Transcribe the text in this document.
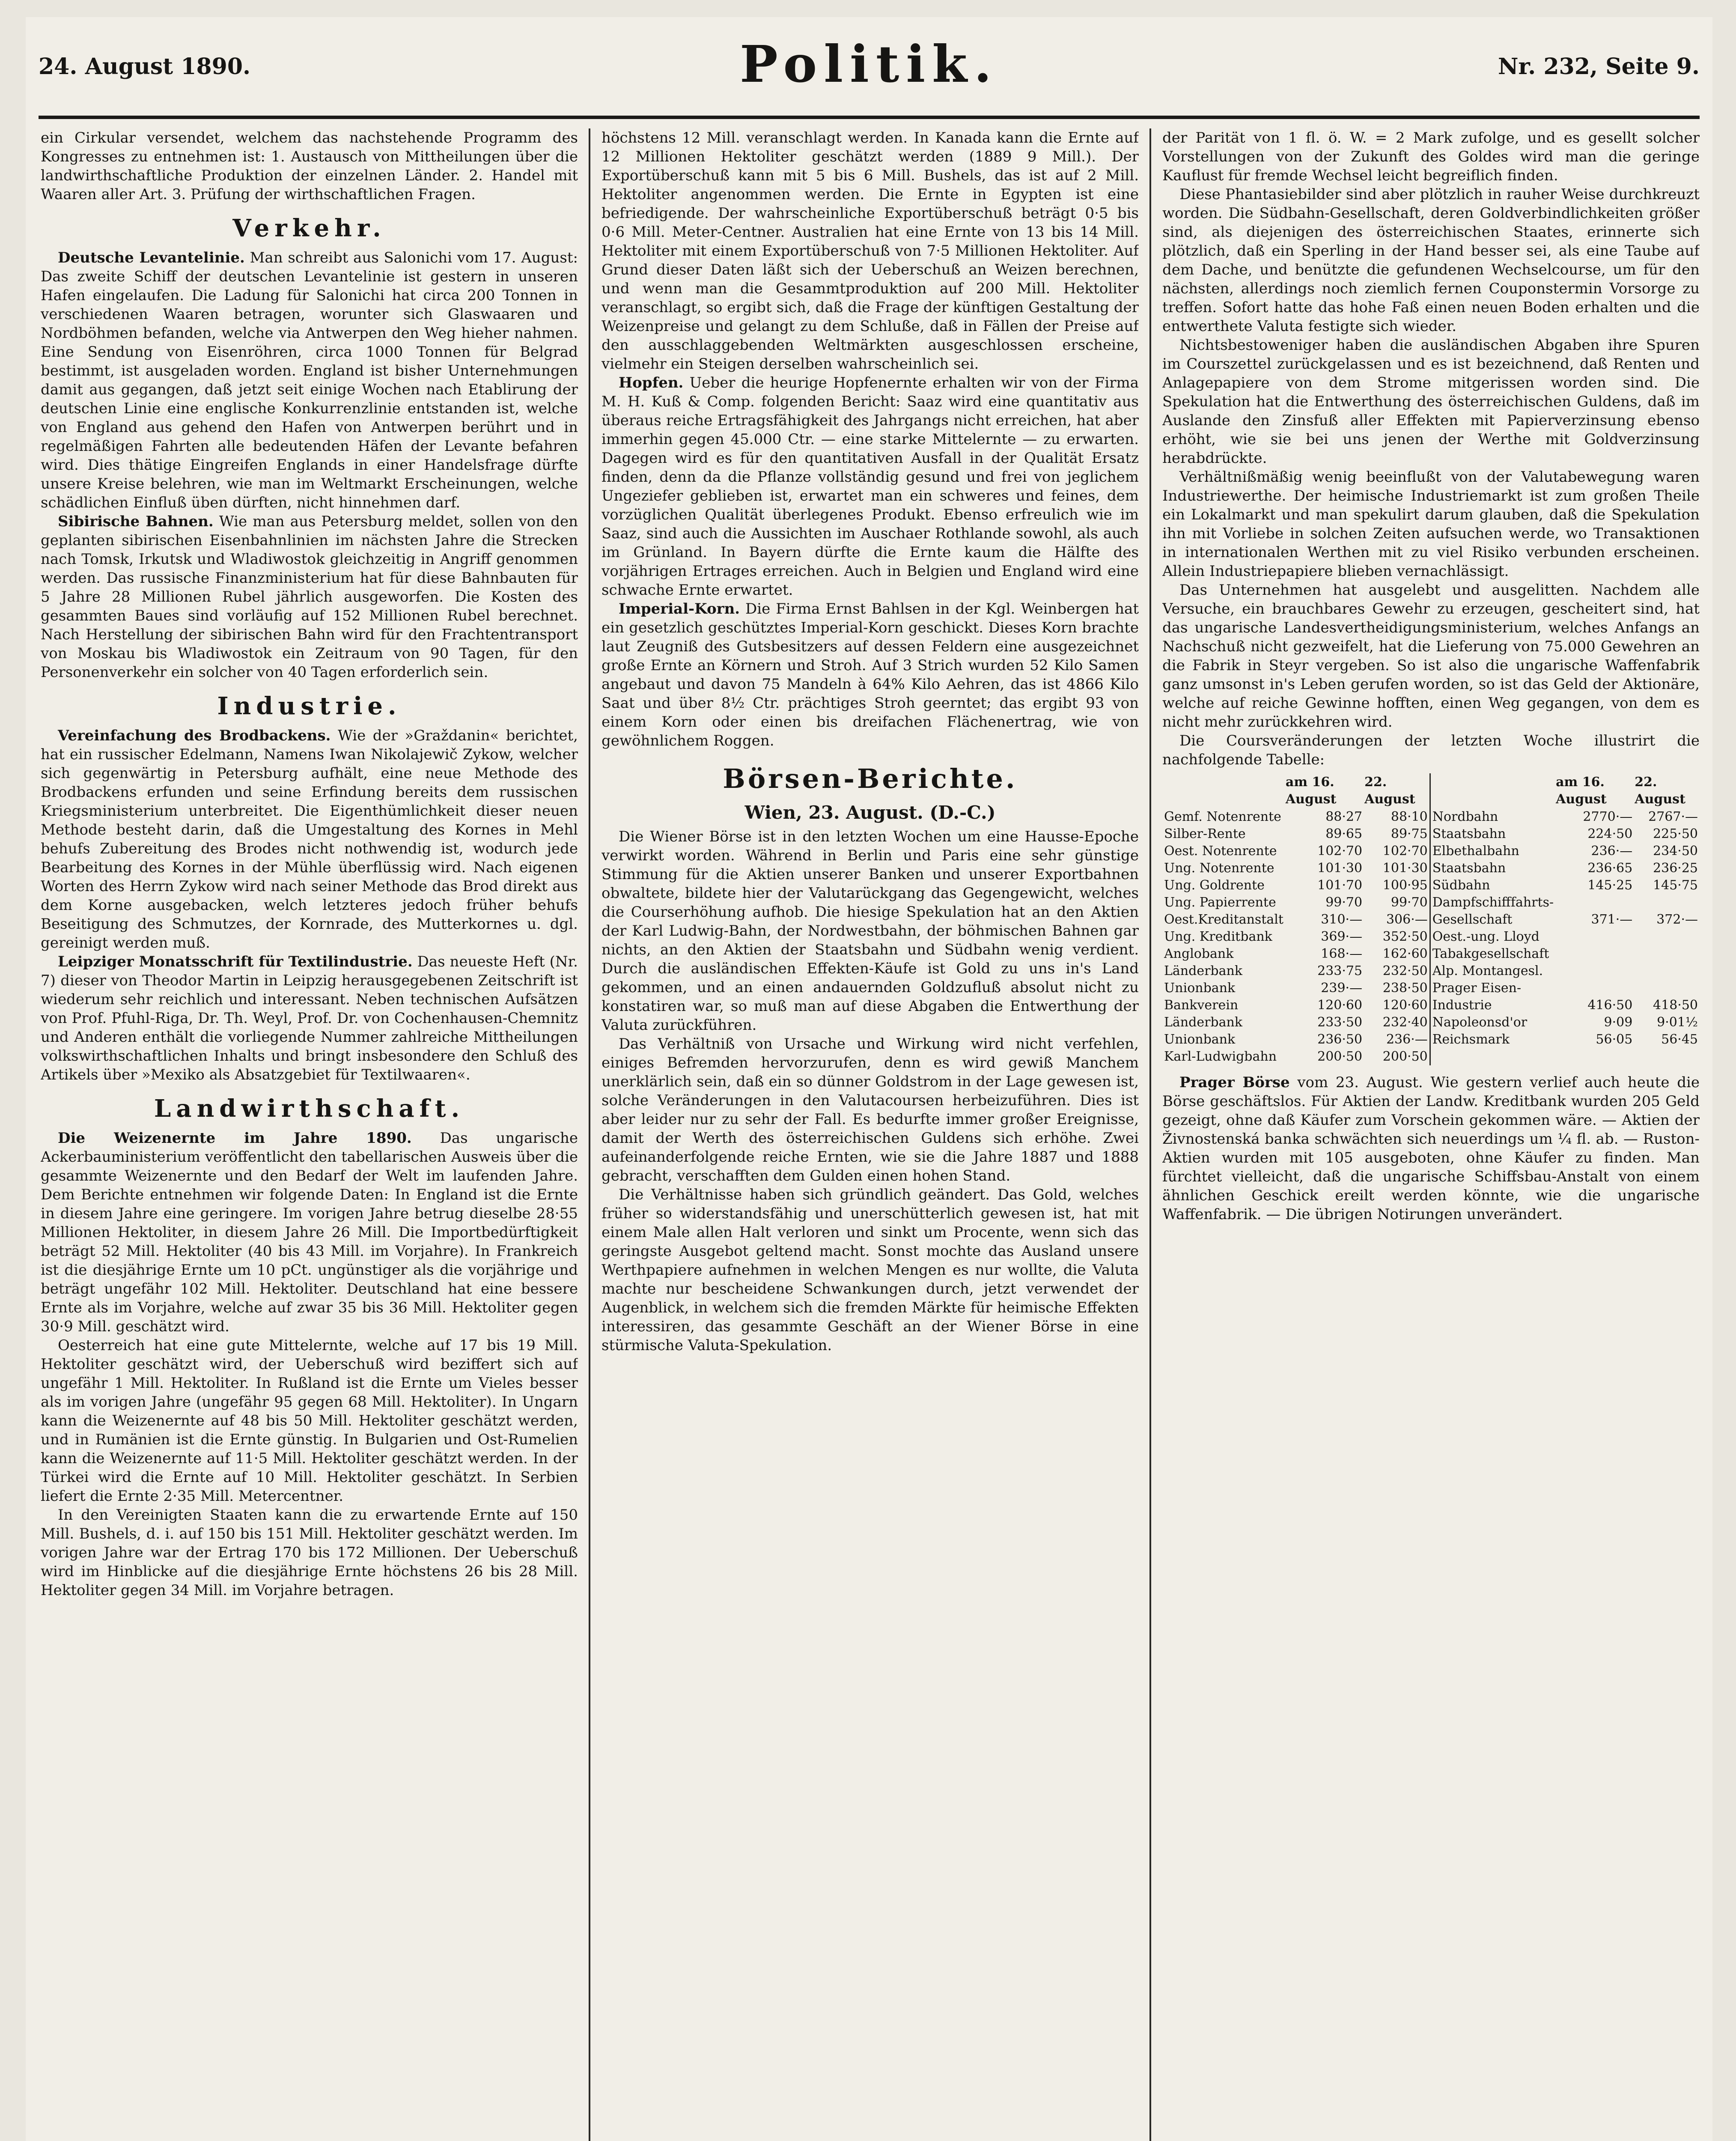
24. August 1890.	Politik.	Nr. 232, Seite 9.

ein Cirkular versendet, welchem das nachstehende Programm des Kongresses zu entnehmen ist: 1. Austausch von Mittheilungen über die landwirthschaftliche Produktion der einzelnen Länder. 2. Handel mit Waaren aller Art. 3. Prüfung der wirthschaftlichen Fragen.

Verkehr.

Deutsche Levantelinie. Man schreibt aus Salonichi vom 17. August: Das zweite Schiff der deutschen Levantelinie ist gestern in unseren Hafen eingelaufen. Die Ladung für Salonichi hat circa 200 Tonnen in verschiedenen Waaren betragen, worunter sich Glaswaaren und Nordböhmen befanden, welche via Antwerpen den Weg hieher nahmen. Eine Sendung von Eisenröhren, circa 1000 Tonnen für Belgrad bestimmt, ist ausgeladen worden. England ist bisher Unternehmungen damit aus gegangen, daß jetzt seit einige Wochen nach Etablirung der deutschen Linie eine englische Konkurrenzlinie entstanden ist, welche von England aus gehend den Hafen von Antwerpen berührt und in regelmäßigen Fahrten alle bedeutenden Häfen der Levante befahren wird. Dies thätige Eingreifen Englands in einer Handelsfrage dürfte unsere Kreise belehren, wie man im Weltmarkt Erscheinungen, welche schädlichen Einfluß üben dürften, nicht hinnehmen darf.

Sibirische Bahnen. Wie man aus Petersburg meldet, sollen von den geplanten sibirischen Eisenbahnlinien im nächsten Jahre die Strecken nach Tomsk, Irkutsk und Wladiwostok gleichzeitig in Angriff genommen werden. Das russische Finanzministerium hat für diese Bahnbauten für 5 Jahre 28 Millionen Rubel jährlich ausgeworfen. Die Kosten des gesammten Baues sind vorläufig auf 152 Millionen Rubel berechnet. Nach Herstellung der sibirischen Bahn wird für den Frachtentransport von Moskau bis Wladiwostok ein Zeitraum von 90 Tagen, für den Personenverkehr ein solcher von 40 Tagen erforderlich sein.

Industrie.

Vereinfachung des Brodbackens. Wie der »Graždanin« berichtet, hat ein russischer Edelmann, Namens Iwan Nikolajewič Zykow, welcher sich gegenwärtig in Petersburg aufhält, eine neue Methode des Brodbackens erfunden und seine Erfindung bereits dem russischen Kriegsministerium unterbreitet. Die Eigenthümlichkeit dieser neuen Methode besteht darin, daß die Umgestaltung des Kornes in Mehl behufs Zubereitung des Brodes nicht nothwendig ist, wodurch jede Bearbeitung des Kornes in der Mühle überflüssig wird. Nach eigenen Worten des Herrn Zykow wird nach seiner Methode das Brod direkt aus dem Korne ausgebacken, welch letzteres jedoch früher behufs Beseitigung des Schmutzes, der Kornrade, des Mutterkornes u. dgl. gereinigt werden muß.

Leipziger Monatsschrift für Textilindustrie. Das neueste Heft (Nr. 7) dieser von Theodor Martin in Leipzig herausgegebenen Zeitschrift ist wiederum sehr reichlich und interessant. Neben technischen Aufsätzen von Prof. Pfuhl-Riga, Dr. Th. Weyl, Prof. Dr. von Cochenhausen-Chemnitz und Anderen enthält die vorliegende Nummer zahlreiche Mittheilungen volkswirthschaftlichen Inhalts und bringt insbesondere den Schluß des Artikels über »Mexiko als Absatzgebiet für Textilwaaren«.

Landwirthschaft.

Die Weizenernte im Jahre 1890. Das ungarische Ackerbauministerium veröffentlicht den tabellarischen Ausweis über die gesammte Weizenernte und den Bedarf der Welt im laufenden Jahre. Dem Berichte entnehmen wir folgende Daten: In England ist die Ernte in diesem Jahre eine geringere. Im vorigen Jahre betrug dieselbe 28·55 Millionen Hektoliter, in diesem Jahre 26 Mill. Die Importbedürftigkeit beträgt 52 Mill. Hektoliter (40 bis 43 Mill. im Vorjahre). In Frankreich ist die diesjährige Ernte um 10 pCt. ungünstiger als die vorjährige und beträgt ungefähr 102 Mill. Hektoliter. Deutschland hat eine bessere Ernte als im Vorjahre, welche auf zwar 35 bis 36 Mill. Hektoliter gegen 30·9 Mill. geschätzt wird.

Oesterreich hat eine gute Mittelernte, welche auf 17 bis 19 Mill. Hektoliter geschätzt wird, der Ueberschuß wird beziffert sich auf ungefähr 1 Mill. Hektoliter. In Rußland ist die Ernte um Vieles besser als im vorigen Jahre (ungefähr 95 gegen 68 Mill. Hektoliter). In Ungarn kann die Weizenernte auf 48 bis 50 Mill. Hektoliter geschätzt werden, und in Rumänien ist die Ernte günstig. In Bulgarien und Ost-Rumelien kann die Weizenernte auf 11·5 Mill. Hektoliter geschätzt werden. In der Türkei wird die Ernte auf 10 Mill. Hektoliter geschätzt. In Serbien liefert die Ernte 2·35 Mill. Metercentner.

In den Vereinigten Staaten kann die zu erwartende Ernte auf 150 Mill. Bushels, d. i. auf 150 bis 151 Mill. Hektoliter geschätzt werden. Im vorigen Jahre war der Ertrag 170 bis 172 Millionen. Der Ueberschuß wird im Hinblicke auf die diesjährige Ernte höchstens 26 bis 28 Mill. Hektoliter gegen 34 Mill. im Vorjahre betragen.

höchstens 12 Mill. veranschlagt werden. In Kanada kann die Ernte auf 12 Millionen Hektoliter geschätzt werden (1889 9 Mill.). Der Exportüberschuß kann mit 5 bis 6 Mill. Bushels, das ist auf 2 Mill. Hektoliter angenommen werden. Die Ernte in Egypten ist eine befriedigende. Der wahrscheinliche Exportüberschuß beträgt 0·5 bis 0·6 Mill. Meter-Centner. Australien hat eine Ernte von 13 bis 14 Mill. Hektoliter mit einem Exportüberschuß von 7·5 Millionen Hektoliter. Auf Grund dieser Daten läßt sich der Ueberschuß an Weizen berechnen, und wenn man die Gesammtproduktion auf 200 Mill. Hektoliter veranschlagt, so ergibt sich, daß die Frage der künftigen Gestaltung der Weizenpreise und gelangt zu dem Schluße, daß in Fällen der Preise auf den ausschlaggebenden Weltmärkten ausgeschlossen erscheine, vielmehr ein Steigen derselben wahrscheinlich sei.

Hopfen. Ueber die heurige Hopfenernte erhalten wir von der Firma M. H. Kuß & Comp. folgenden Bericht: Saaz wird eine quantitativ aus überaus reiche Ertragsfähigkeit des Jahrgangs nicht erreichen, hat aber immerhin gegen 45.000 Ctr. — eine starke Mittelernte — zu erwarten. Dagegen wird es für den quantitativen Ausfall in der Qualität Ersatz finden, denn da die Pflanze vollständig gesund und frei von jeglichem Ungeziefer geblieben ist, erwartet man ein schweres und feines, dem vorzüglichen Qualität überlegenes Produkt. Ebenso erfreulich wie im Saaz, sind auch die Aussichten im Auschaer Rothlande sowohl, als auch im Grünland. In Bayern dürfte die Ernte kaum die Hälfte des vorjährigen Ertrages erreichen. Auch in Belgien und England wird eine schwache Ernte erwartet.

Imperial-Korn. Die Firma Ernst Bahlsen in der Kgl. Weinbergen hat ein gesetzlich geschütztes Imperial-Korn geschickt. Dieses Korn brachte laut Zeugniß des Gutsbesitzers auf dessen Feldern eine ausgezeichnet große Ernte an Körnern und Stroh. Auf 3 Strich wurden 52 Kilo Samen angebaut und davon 75 Mandeln à 64% Kilo Aehren, das ist 4866 Kilo Saat und über 8½ Ctr. prächtiges Stroh geerntet; das ergibt 93 von einem Korn oder einen bis dreifachen Flächenertrag, wie von gewöhnlichem Roggen.

Börsen-Berichte.
Wien, 23. August. (D.-C.)

Die Wiener Börse ist in den letzten Wochen um eine Hausse-Epoche verwirkt worden. Während in Berlin und Paris eine sehr günstige Stimmung für die Aktien unserer Banken und unserer Exportbahnen obwaltete, bildete hier der Valutarückgang das Gegengewicht, welches die Courserhöhung aufhob. Die hiesige Spekulation hat an den Aktien der Karl Ludwig-Bahn, der Nordwestbahn, der böhmischen Bahnen gar nichts, an den Aktien der Staatsbahn und Südbahn wenig verdient. Durch die ausländischen Effekten-Käufe ist Gold zu uns in's Land gekommen, und an einen andauernden Goldzufluß absolut nicht zu konstatiren war, so muß man auf diese Abgaben die Entwerthung der Valuta zurückführen.

Das Verhältniß von Ursache und Wirkung wird nicht verfehlen, einiges Befremden hervorzurufen, denn es wird gewiß Manchem unerklärlich sein, daß ein so dünner Goldstrom in der Lage gewesen ist, solche Veränderungen in den Valutacoursen herbeizuführen. Dies ist aber leider nur zu sehr der Fall. Es bedurfte immer großer Ereignisse, damit der Werth des österreichischen Guldens sich erhöhe. Zwei aufeinanderfolgende reiche Ernten, wie sie die Jahre 1887 und 1888 gebracht, verschafften dem Gulden einen hohen Stand.

Die Verhältnisse haben sich gründlich geändert. Das Gold, welches früher so widerstandsfähig und unerschütterlich gewesen ist, hat mit einem Male allen Halt verloren und sinkt um Procente, wenn sich das geringste Ausgebot geltend macht. Sonst mochte das Ausland unsere Werthpapiere aufnehmen in welchen Mengen es nur wollte, die Valuta machte nur bescheidene Schwankungen durch, jetzt verwendet der Augenblick, in welchem sich die fremden Märkte für heimische Effekten interessiren, das gesammte Geschäft an der Wiener Börse in eine stürmische Valuta-Spekulation.

der Parität von 1 fl. ö. W. = 2 Mark zufolge, und es gesellt solcher Vorstellungen von der Zukunft des Goldes wird man die geringe Kauflust für fremde Wechsel leicht begreiflich finden.

Diese Phantasiebilder sind aber plötzlich in rauher Weise durchkreuzt worden. Die Südbahn-Gesellschaft, deren Goldverbindlichkeiten größer sind, als diejenigen des österreichischen Staates, erinnerte sich plötzlich, daß ein Sperling in der Hand besser sei, als eine Taube auf dem Dache, und benützte die gefundenen Wechselcourse, um für den nächsten, allerdings noch ziemlich fernen Couponstermin Vorsorge zu treffen. Sofort hatte das hohe Faß einen neuen Boden erhalten und die entwerthete Valuta festigte sich wieder.

Nichtsbestoweniger haben die ausländischen Abgaben ihre Spuren im Courszettel zurückgelassen und es ist bezeichnend, daß Renten und Anlagepapiere von dem Strome mitgerissen worden sind. Die Spekulation hat die Entwerthung des österreichischen Guldens, daß im Auslande den Zinsfuß aller Effekten mit Papierverzinsung ebenso erhöht, wie sie bei uns jenen der Werthe mit Goldverzinsung herabdrückte.

Verhältnißmäßig wenig beeinflußt von der Valutabewegung waren Industriewerthe. Der heimische Industriemarkt ist zum großen Theile ein Lokalmarkt und man spekulirt darum glauben, daß die Spekulation ihn mit Vorliebe in solchen Zeiten aufsuchen werde, wo Transaktionen in internationalen Werthen mit zu viel Risiko verbunden erscheinen. Allein Industriepapiere blieben vernachlässigt.

Das Unternehmen hat ausgelebt und ausgelitten. Nachdem alle Versuche, ein brauchbares Gewehr zu erzeugen, gescheitert sind, hat das ungarische Landesvertheidigungsministerium, welches Anfangs an Nachschuß nicht gezweifelt, hat die Lieferung von 75.000 Gewehren an die Fabrik in Steyr vergeben. So ist also die ungarische Waffenfabrik ganz umsonst in's Leben gerufen worden, so ist das Geld der Aktionäre, welche auf reiche Gewinne hofften, einen Weg gegangen, von dem es nicht mehr zurückkehren wird.

Die Coursveränderungen der letzten Woche illustrirt die nachfolgende Tabelle:

	am 16. August	22. August		am 16. August	22. August
Gemf. Notenrente	88·27	88·10	Nordbahn	2770·—	2767·—
Silber-Rente	89·65	89·75	Staatsbahn	224·50	225·50
Oest. Notenrente	102·70	102·70	Elbethalbahn	236·—	234·50
Ung. Notenrente	101·30	101·30	Staatsbahn	236·65	236·25
Ung. Goldrente	101·70	100·95	Südbahn	145·25	145·75
Ung. Papierrente	99·70	99·70	Dampfschifffahrts-		
Oest.Kreditanstalt	310·—	306·—	Gesellschaft	371·—	372·—
Ung. Kreditbank	369·—	352·50	Oest.-ung. Lloyd		
Anglobank	168·—	162·60	Tabakgesellschaft		
Länderbank	233·75	232·50	Alp. Montangesl.		
Unionbank	239·—	238·50	Prager Eisen-		
Bankverein	120·60	120·60	Industrie	416·50	418·50
Länderbank	233·50	232·40	Napoleonsd'or	9·09	9·01½
Unionbank	236·50	236·—	Reichsmark	56·05	56·45
Karl-Ludwigbahn	200·50	200·50			

Prager Börse vom 23. August. Wie gestern verlief auch heute die Börse geschäftslos. Für Aktien der Landw. Kreditbank wurden 205 Geld gezeigt, ohne daß Käufer zum Vorschein gekommen wäre. — Aktien der Živnostenská banka schwächten sich neuerdings um ¼ fl. ab. — Ruston-Aktien wurden mit 105 ausgeboten, ohne Käufer zu finden. Man fürchtet vielleicht, daß die ungarische Schiffsbau-Anstalt von einem ähnlichen Geschick ereilt werden könnte, wie die ungarische Waffenfabrik. — Die übrigen Notirungen unverändert.
